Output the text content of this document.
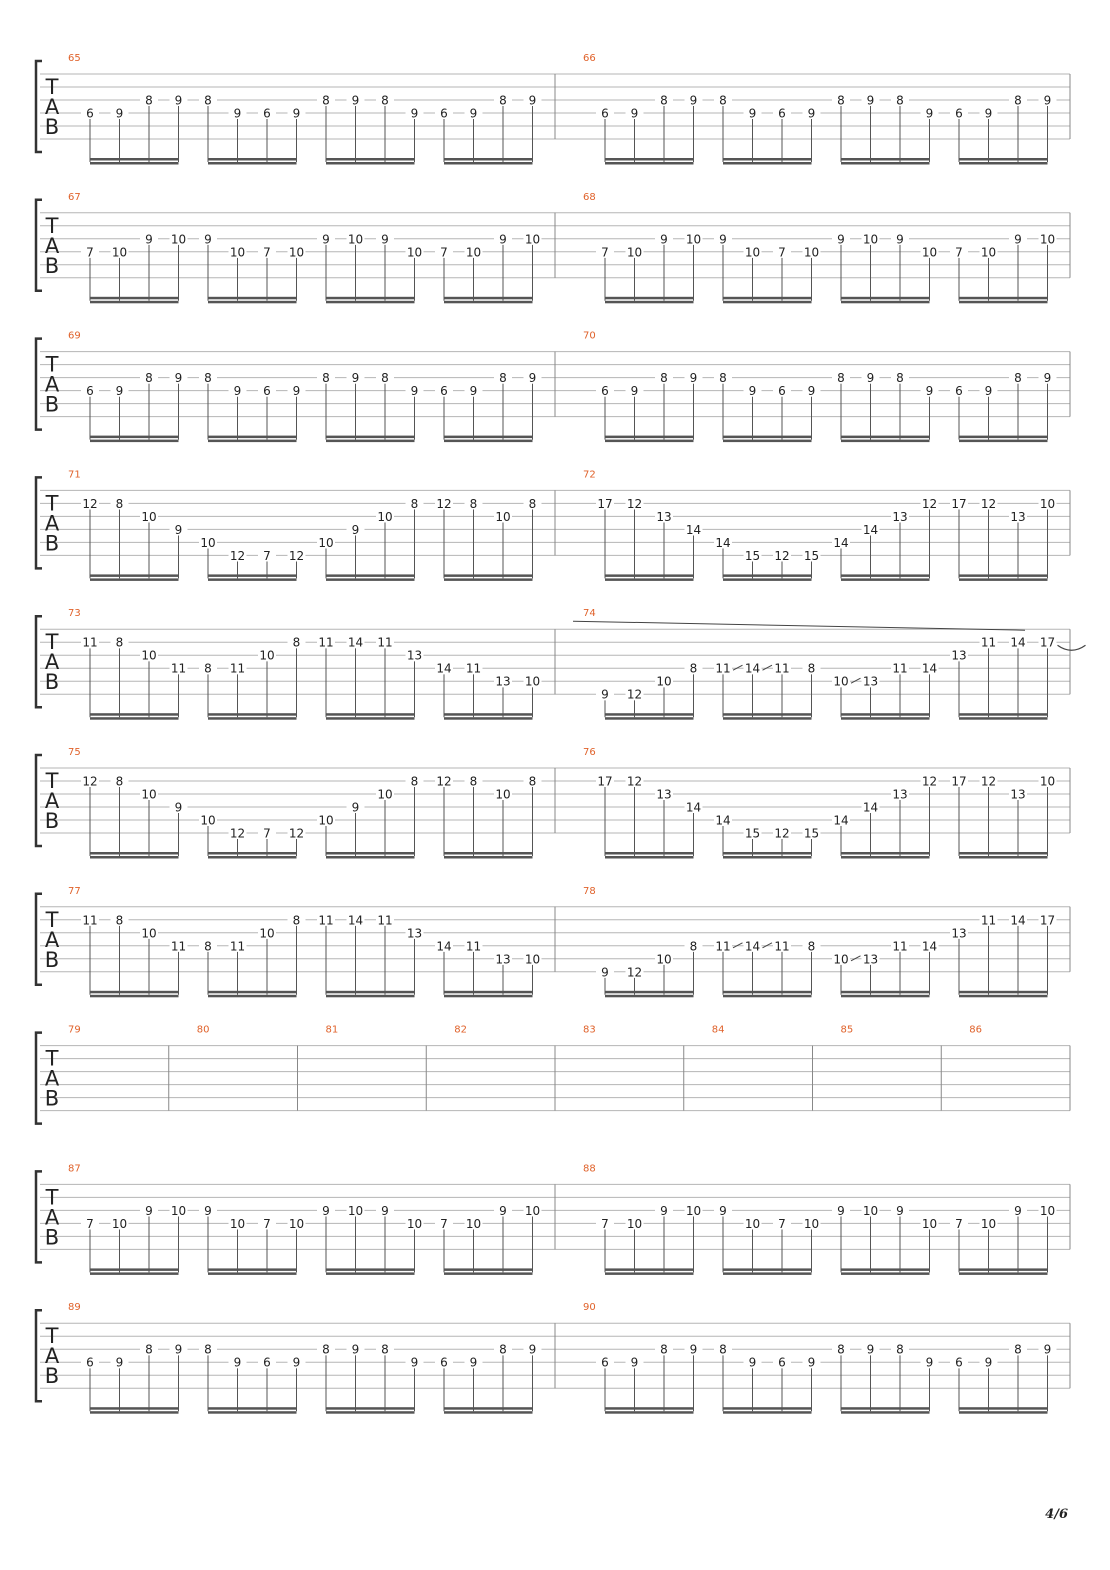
T
A
B
65
6 9
8 9 8
9 6 9
8 9 8
9 6 9
8 9
66
6 9
8 9 8
9 6 9
8 9 8
9 6 9
8 9
T
A
B
67
7 10
9 10 9
10 7 10
9 10 9
10 7 10
9 10
68
7 10
9 10 9
10 7 10
9 10 9
10 7 10
9 10
T
A
B
69
6 9
8 9 8
9 6 9
8 9 8
9 6 9
8 9
70
6 9
8 9 8
9 6 9
8 9 8
9 6 9
8 9
T
A
B
71
12 8
10
9
10
12 7 12
10
9
10
8 12 8
10
8
72
17 12
13
14
14
15 12 15
14
14
13
12 17 12
13
10
T
A
B
73
11 8
10
11 8 11
10
8 11 14 11
13
14 11
13 10
74
9 12
10
8 11 14 11 8
10 13
11 14
13
11 14 17
T
A
B
75
12 8
10
9
10
12 7 12
10
9
10
8 12 8
10
8
76
17 12
13
14
14
15 12 15
14
14
13
12 17 12
13
10
T
A
B
77
11 8
10
11 8 11
10
8 11 14 11
13
14 11
13 10
78
9 12
10
8 11 14 11 8
10 13
11 14
13
11 14 17
T
A
B
79	80	81	82	83	84	85	86
T
A
B
87
7 10
9 10 9
10 7 10
9 10 9
10 7 10
9 10
88
7 10
9 10 9
10 7 10
9 10 9
10 7 10
9 10
T
A
B
89
6 9
8 9 8
9 6 9
8 9 8
9 6 9
8 9
90
6 9
8 9 8
9 6 9
8 9 8
9 6 9
8 9
4/6
